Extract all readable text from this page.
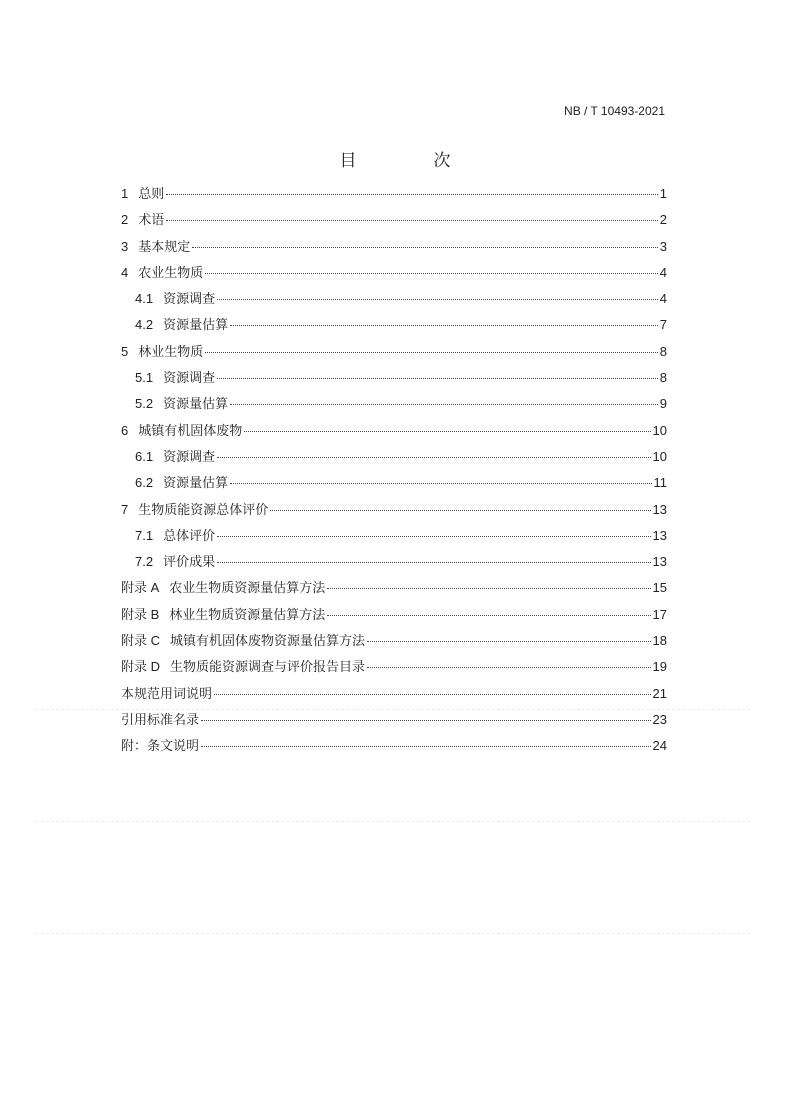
NB / T 10493-2021
目　次
1 总则	1
2 术语	2
3 基本规定	3
4 农业生物质	4
4.1 资源调查	4
4.2 资源量估算	7
5 林业生物质	8
5.1 资源调查	8
5.2 资源量估算	9
6 城镇有机固体废物	10
6.1 资源调查	10
6.2 资源量估算	11
7 生物质能资源总体评价	13
7.1 总体评价	13
7.2 评价成果	13
附录 A 农业生物质资源量估算方法	15
附录 B 林业生物质资源量估算方法	17
附录 C 城镇有机固体废物资源量估算方法	18
附录 D 生物质能资源调查与评价报告目录	19
本规范用词说明	21
引用标准名录	23
附：条文说明	24
